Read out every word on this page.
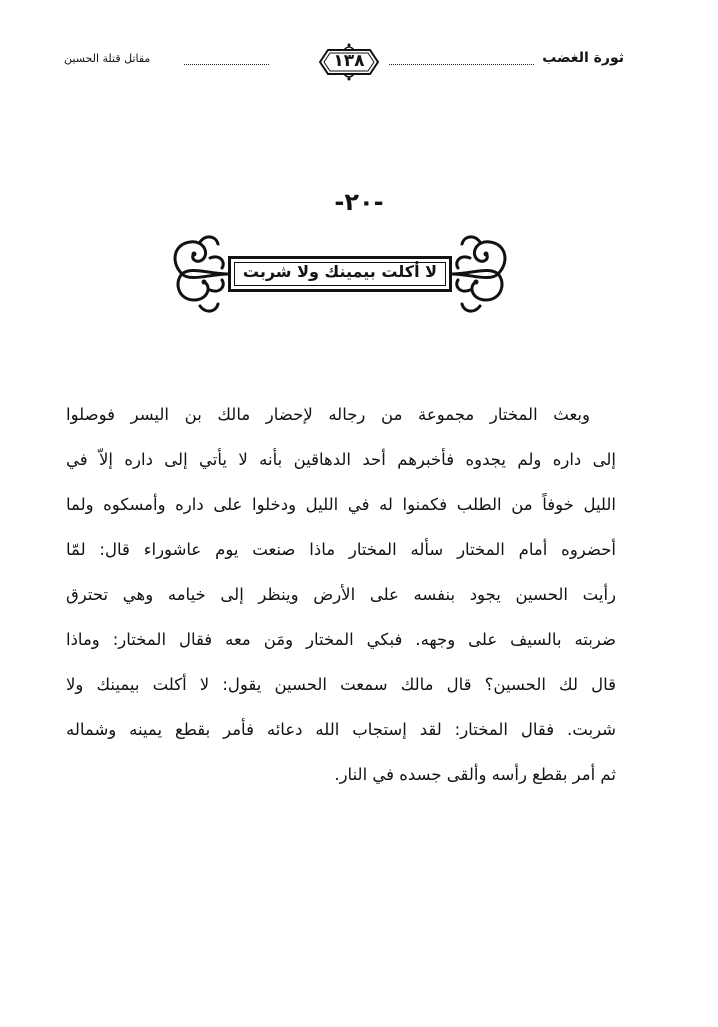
ثورة الغضب
١٣٨
مقاتل قتلة الحسين
-٢٠-
لا أكلت بيمينك ولا شربت
وبعث المختار مجموعة من رجاله لإحضار مالك بن اليسر فوصلوا
إلى داره ولم يجدوه فأخبرهم أحد الدهاقين بأنه لا يأتي إلى داره إلاّ في
الليل خوفاً من الطلب فكمنوا له في الليل ودخلوا على داره وأمسكوه ولما
أحضروه أمام المختار سأله المختار ماذا صنعت يوم عاشوراء قال: لمّا
رأيت الحسين يجود بنفسه على الأرض وينظر إلى خيامه وهي تحترق
ضربته بالسيف على وجهه. فبكي المختار ومَن معه فقال المختار: وماذا
قال لك الحسين؟ قال مالك سمعت الحسين يقول: لا أكلت بيمينك ولا
شربت. فقال المختار: لقد إستجاب الله دعائه فأمر بقطع يمينه وشماله
ثم أمر بقطع رأسه وألقى جسده في النار.
